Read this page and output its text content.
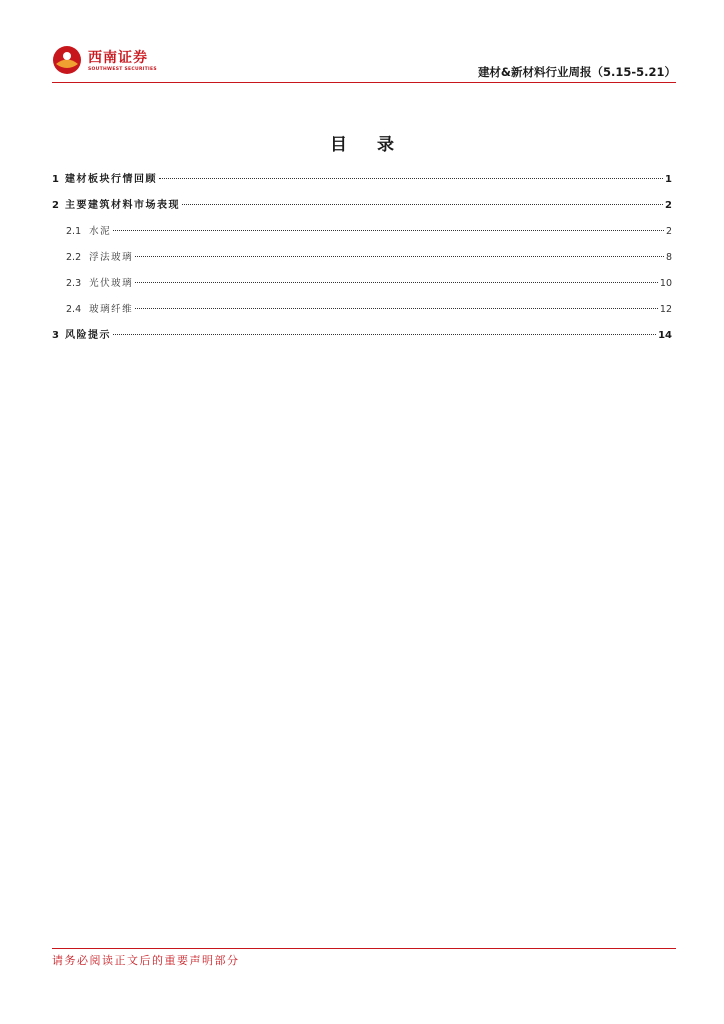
西南证券
SOUTHWEST SECURITIES	建材&新材料行业周报（5.15-5.21）
目 录
1 建材板块行情回顾	1
2 主要建筑材料市场表现	2
2.1 水泥	2
2.2 浮法玻璃	8
2.3 光伏玻璃	10
2.4 玻璃纤维	12
3 风险提示	14
请务必阅读正文后的重要声明部分
